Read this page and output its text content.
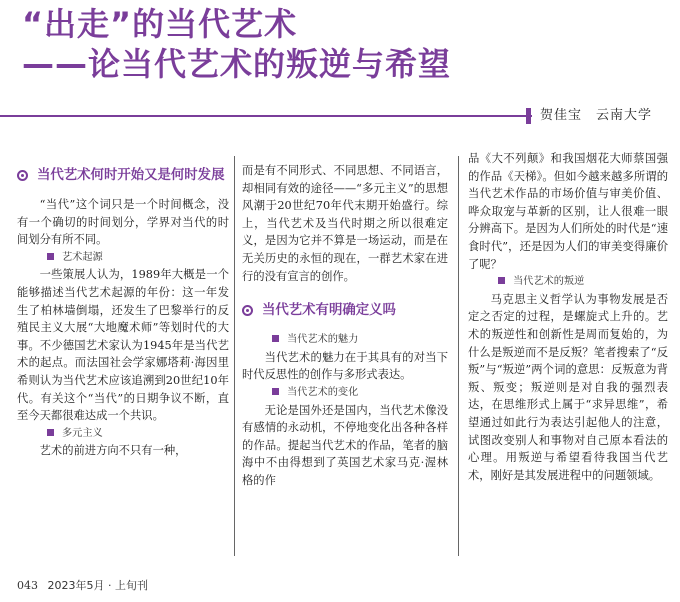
“出走”的当代艺术
——论当代艺术的叛逆与希望
贺佳宝　云南大学
当代艺术何时开始又是何时发展

“当代”这个词只是一个时间概念，没有一个确切的时间划分，学界对当代的时间划分有所不同。

艺术起源

一些策展人认为，1989年大概是一个能够描述当代艺术起源的年份：这一年发生了柏林墙倒塌，还发生了巴黎举行的反殖民主义大展“大地魔术师”等划时代的大事。不少德国艺术家认为1945年是当代艺术的起点。而法国社会学家娜塔莉·海因里希则认为当代艺术应该追溯到20世纪10年代。有关这个“当代”的日期争议不断，直至今天都很难达成一个共识。

多元主义

艺术的前进方向不只有一种，

而是有不同形式、不同思想、不同语言，却相同有效的途径——“多元主义”的思想风潮于20世纪70年代末期开始盛行。综上，当代艺术及当代时期之所以很难定义，是因为它并不算是一场运动，而是在无关历史的永恒的现在，一群艺术家在进行的没有宣言的创作。

当代艺术有明确定义吗

当代艺术的魅力

当代艺术的魅力在于其具有的对当下时代反思性的创作与多形式表达。

当代艺术的变化

无论是国外还是国内，当代艺术像没有感情的永动机，不停地变化出各种各样的作品。提起当代艺术的作品，笔者的脑海中不由得想到了英国艺术家马克·渥林格的作

品《大不列颠》和我国烟花大师蔡国强的作品《天梯》。但如今越来越多所谓的当代艺术作品的市场价值与审美价值、哗众取宠与革新的区别，让人很难一眼分辨高下。是因为人们所处的时代是“速食时代”，还是因为人们的审美变得廉价了呢？

当代艺术的叛逆

马克思主义哲学认为事物发展是否定之否定的过程，是螺旋式上升的。艺术的叛逆性和创新性是周而复始的，为什么是叛逆而不是反叛？笔者搜索了“反叛”与“叛逆”两个词的意思：反叛意为背叛、叛变；叛逆则是对自我的强烈表达，在思维形式上属于“求异思维”，希望通过如此行为表达引起他人的注意，试图改变别人和事物对自己原本看法的心理。用叛逆与希望看待我国当代艺术，刚好是其发展进程中的问题领域。

043 2023年5月 · 上旬刊
